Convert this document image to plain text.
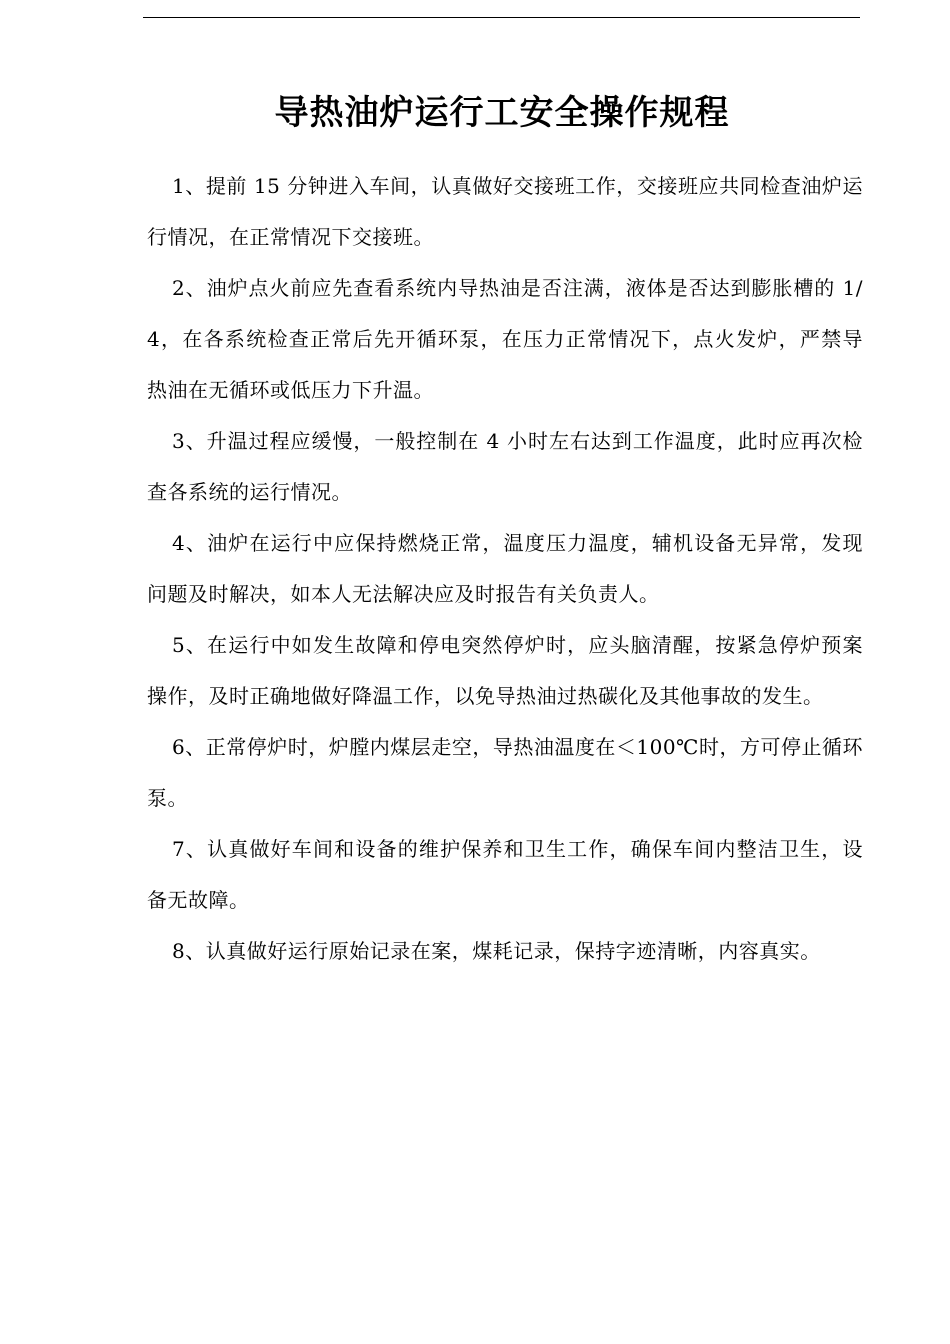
导热油炉运行工安全操作规程

1、提前 15 分钟进入车间，认真做好交接班工作，交接班应共同检查油炉运 行情况，在正常情况下交接班。

2、油炉点火前应先查看系统内导热油是否注满，液体是否达到膨胀槽的 1/4，在各系统检查正常后先开循环泵，在压力正常情况下，点火发炉，严禁导 热油在无循环或低压力下升温。

3、升温过程应缓慢，一般控制在 4 小时左右达到工作温度，此时应再次检 查各系统的运行情况。

4、油炉在运行中应保持燃烧正常，温度压力温度，辅机设备无异常，发现 问题及时解决，如本人无法解决应及时报告有关负责人。

5、在运行中如发生故障和停电突然停炉时，应头脑清醒，按紧急停炉预案 操作，及时正确地做好降温工作，以免导热油过热碳化及其他事故的发生。

6、正常停炉时，炉膛内煤层走空，导热油温度在＜100℃时，方可停止循环泵。

7、认真做好车间和设备的维护保养和卫生工作，确保车间内整洁卫生，设 备无故障。

8、认真做好运行原始记录在案，煤耗记录，保持字迹清晰，内容真实。
